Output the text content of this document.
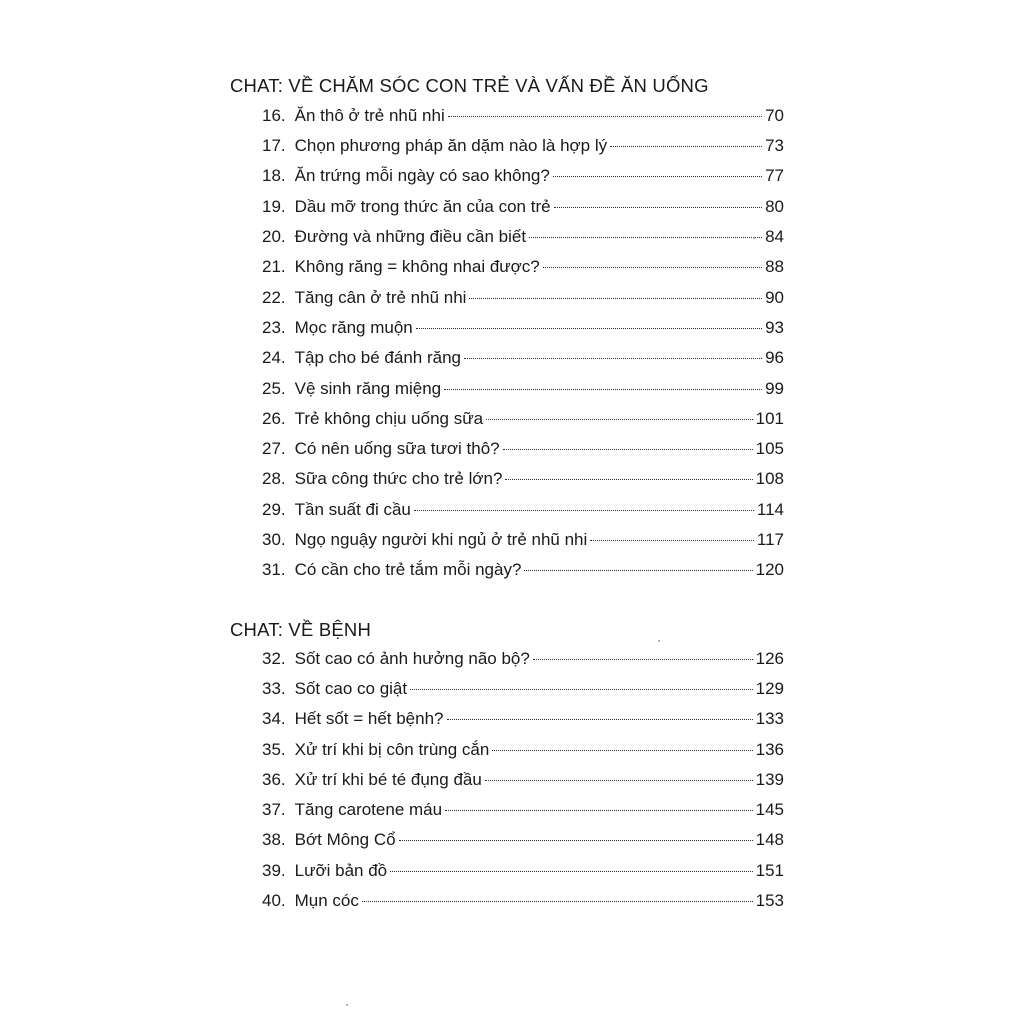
CHAT: VỀ CHĂM SÓC CON TRẺ VÀ VẤN ĐỀ ĂN UỐNG
16. Ăn thô ở trẻ nhũ nhi	70
17. Chọn phương pháp ăn dặm nào là hợp lý	73
18. Ăn trứng mỗi ngày có sao không?	77
19. Dầu mỡ trong thức ăn của con trẻ	80
20. Đường và những điều cần biết	84
21. Không răng = không nhai được?	88
22. Tăng cân ở trẻ nhũ nhi	90
23. Mọc răng muộn	93
24. Tập cho bé đánh răng	96
25. Vệ sinh răng miệng	99
26. Trẻ không chịu uống sữa	101
27. Có nên uống sữa tươi thô?	105
28. Sữa công thức cho trẻ lớn?	108
29. Tần suất đi cầu	114
30. Ngọ nguậy người khi ngủ ở trẻ nhũ nhi	117
31. Có cần cho trẻ tắm mỗi ngày?	120
CHAT: VỀ BỆNH
32. Sốt cao có ảnh hưởng não bộ?	126
33. Sốt cao co giật	129
34. Hết sốt = hết bệnh?	133
35. Xử trí khi bị côn trùng cắn	136
36. Xử trí khi bé té đụng đầu	139
37. Tăng carotene máu	145
38. Bớt Mông Cổ	148
39. Lưỡi bản đồ	151
40. Mụn cóc	153
